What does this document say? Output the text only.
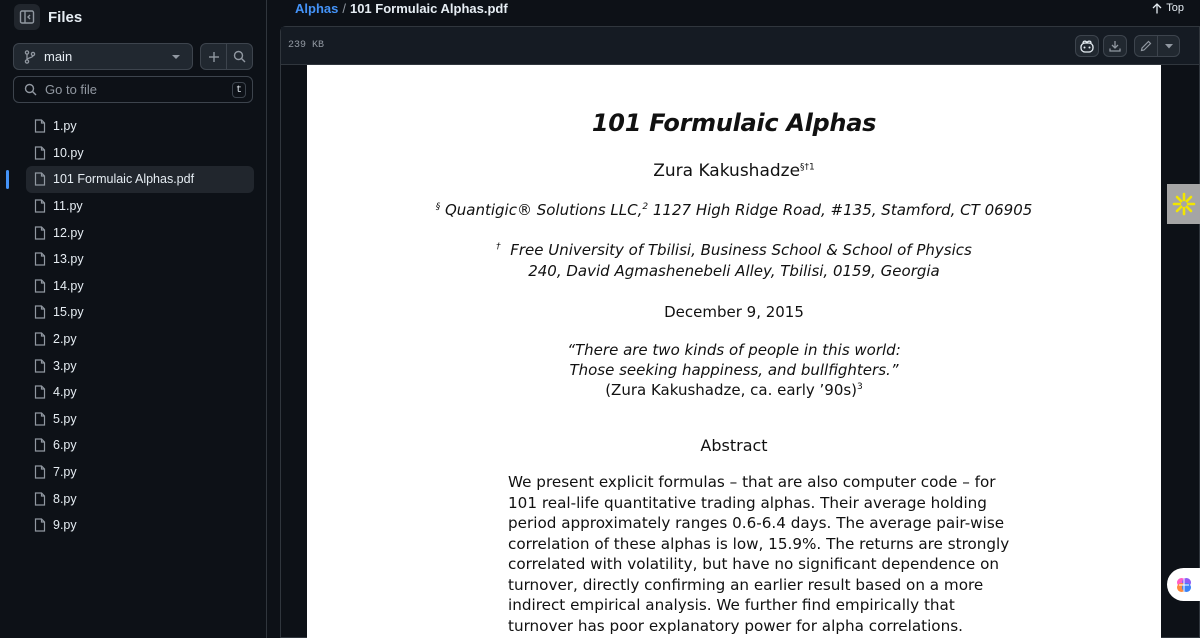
Files
main
Go to file
t
1.py
10.py
101 Formulaic Alphas.pdf
11.py
12.py
13.py
14.py
15.py
2.py
3.py
4.py
5.py
6.py
7.py
8.py
9.py
Alphas / 101 Formulaic Alphas.pdf	Top
239 KB
101 Formulaic Alphas
Zura Kakushadze$^{\S\dagger 1}$
§ Quantigic® Solutions LLC,$^2$ 1127 High Ridge Road, #135, Stamford, CT 06905
† Free University of Tbilisi, Business School & School of Physics
240, David Agmashenebeli Alley, Tbilisi, 0159, Georgia
December 9, 2015
“There are two kinds of people in this world:
Those seeking happiness, and bullfighters.”
(Zura Kakushadze, ca. early ’90s)$^3$
Abstract
We present explicit formulas – that are also computer code – for
101 real-life quantitative trading alphas. Their average holding
period approximately ranges 0.6-6.4 days. The average pair-wise
correlation of these alphas is low, 15.9%. The returns are strongly
correlated with volatility, but have no significant dependence on
turnover, directly confirming an earlier result based on a more
indirect empirical analysis. We further find empirically that
turnover has poor explanatory power for alpha correlations.
